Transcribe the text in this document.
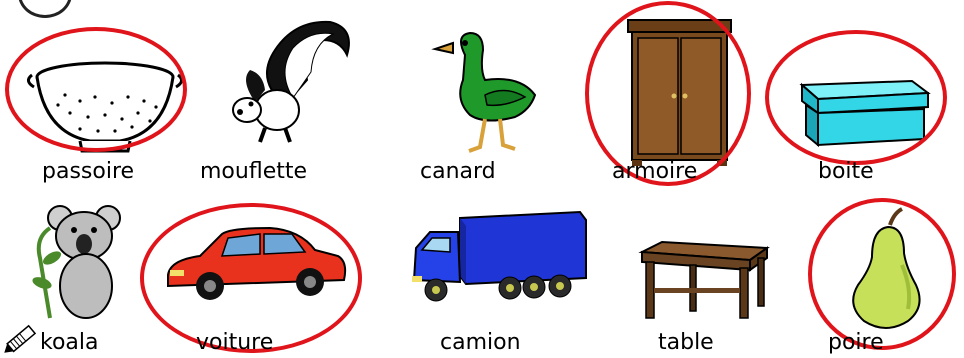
passoire	mouflette	canard	armoire	boite
koala	voiture	camion	table	poire
